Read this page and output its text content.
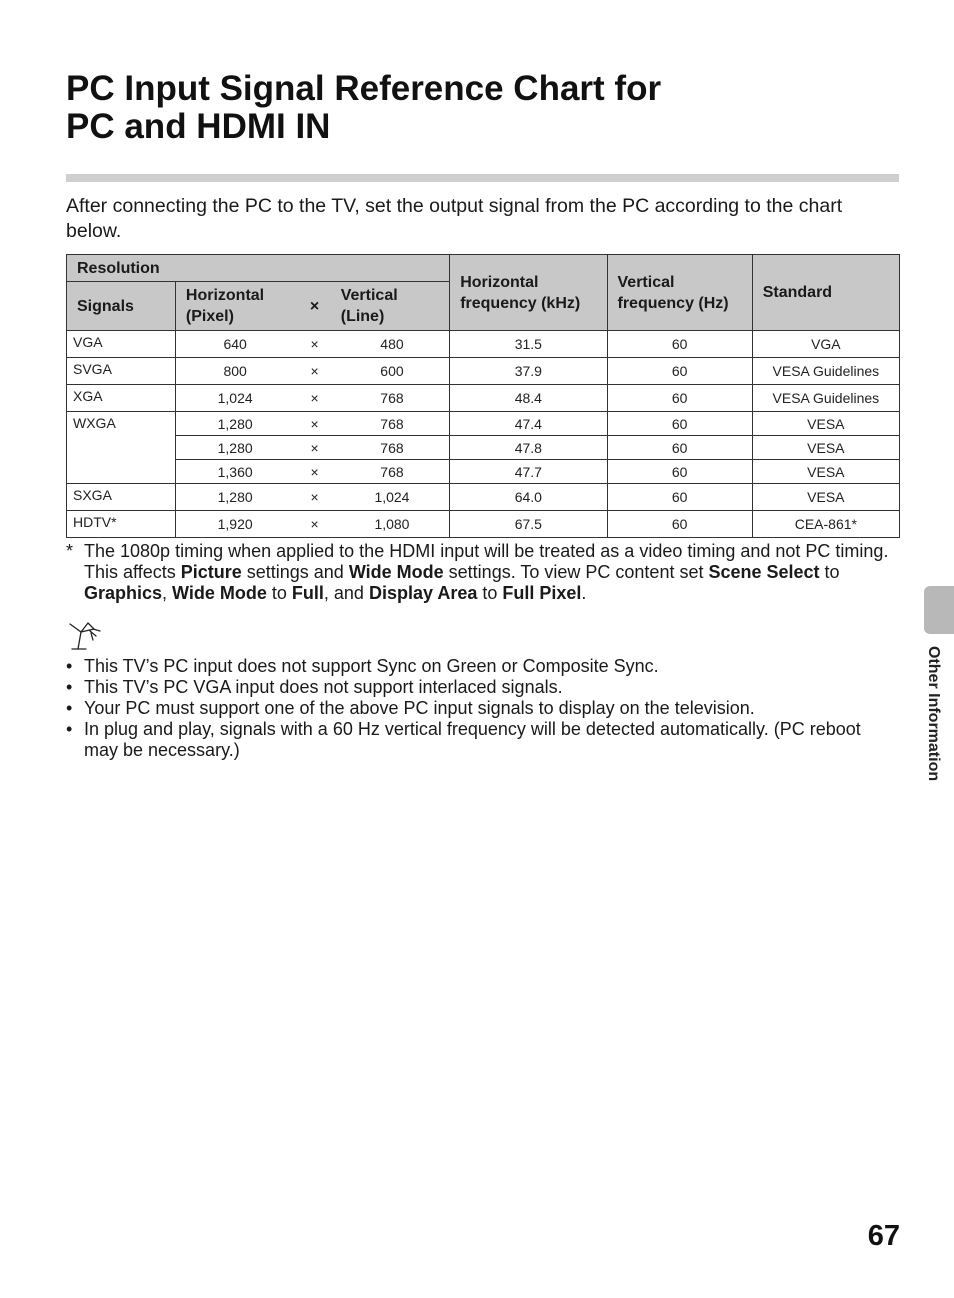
PC Input Signal Reference Chart for
PC and HDMI IN

After connecting the PC to the TV, set the output signal from the PC according to the chart below.

Resolution				Horizontal frequency (kHz)	Vertical frequency (Hz)	Standard
Signals	Horizontal (Pixel)	×	Vertical (Line)			
VGA	640	×	480	31.5	60	VGA
SVGA	800	×	600	37.9	60	VESA Guidelines
XGA	1,024	×	768	48.4	60	VESA Guidelines
WXGA	1,280	×	768	47.4	60	VESA
	1,280	×	768	47.8	60	VESA
	1,360	×	768	47.7	60	VESA
SXGA	1,280	×	1,024	64.0	60	VESA
HDTV*	1,920	×	1,080	67.5	60	CEA-861*
* The 1080p timing when applied to the HDMI input will be treated as a video timing and not PC timing. This affects Picture settings and Wide Mode settings. To view PC content set Scene Select to Graphics, Wide Mode to Full, and Display Area to Full Pixel.

• This TV’s PC input does not support Sync on Green or Composite Sync.
• This TV’s PC VGA input does not support interlaced signals.
• Your PC must support one of the above PC input signals to display on the television.
• In plug and play, signals with a 60 Hz vertical frequency will be detected automatically. (PC reboot may be necessary.)	Other Information
67
